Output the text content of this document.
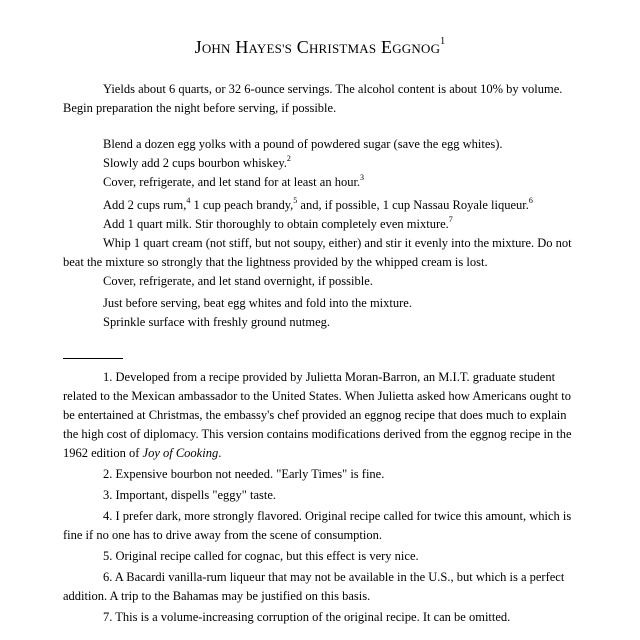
JOHN HAYES'S CHRISTMAS EGGNOG$^1$

Yields about 6 quarts, or 32 6-ounce servings. The alcohol content is about 10% by volume. Begin preparation the night before serving, if possible.

Blend a dozen egg yolks with a pound of powdered sugar (save the egg whites).

Slowly add 2 cups bourbon whiskey.$^2$

Cover, refrigerate, and let stand for at least an hour.$^3$

Add 2 cups rum,$^4$ 1 cup peach brandy,$^5$ and, if possible, 1 cup Nassau Royale liqueur.$^6$

Add 1 quart milk. Stir thoroughly to obtain completely even mixture.$^7$

Whip 1 quart cream (not stiff, but not soupy, either) and stir it evenly into the mixture. Do not beat the mixture so strongly that the lightness provided by the whipped cream is lost.

Cover, refrigerate, and let stand overnight, if possible.

Just before serving, beat egg whites and fold into the mixture.

Sprinkle surface with freshly ground nutmeg.

1. Developed from a recipe provided by Julietta Moran-Barron, an M.I.T. graduate student related to the Mexican ambassador to the United States. When Julietta asked how Americans ought to be entertained at Christmas, the embassy's chef provided an eggnog recipe that does much to explain the high cost of diplomacy. This version contains modifications derived from the eggnog recipe in the 1962 edition of Joy of Cooking.

2. Expensive bourbon not needed. "Early Times" is fine.

3. Important, dispells "eggy" taste.

4. I prefer dark, more strongly flavored. Original recipe called for twice this amount, which is fine if no one has to drive away from the scene of consumption.

5. Original recipe called for cognac, but this effect is very nice.

6. A Bacardi vanilla-rum liqueur that may not be available in the U.S., but which is a perfect addition. A trip to the Bahamas may be justified on this basis.

7. This is a volume-increasing corruption of the original recipe. It can be omitted.
